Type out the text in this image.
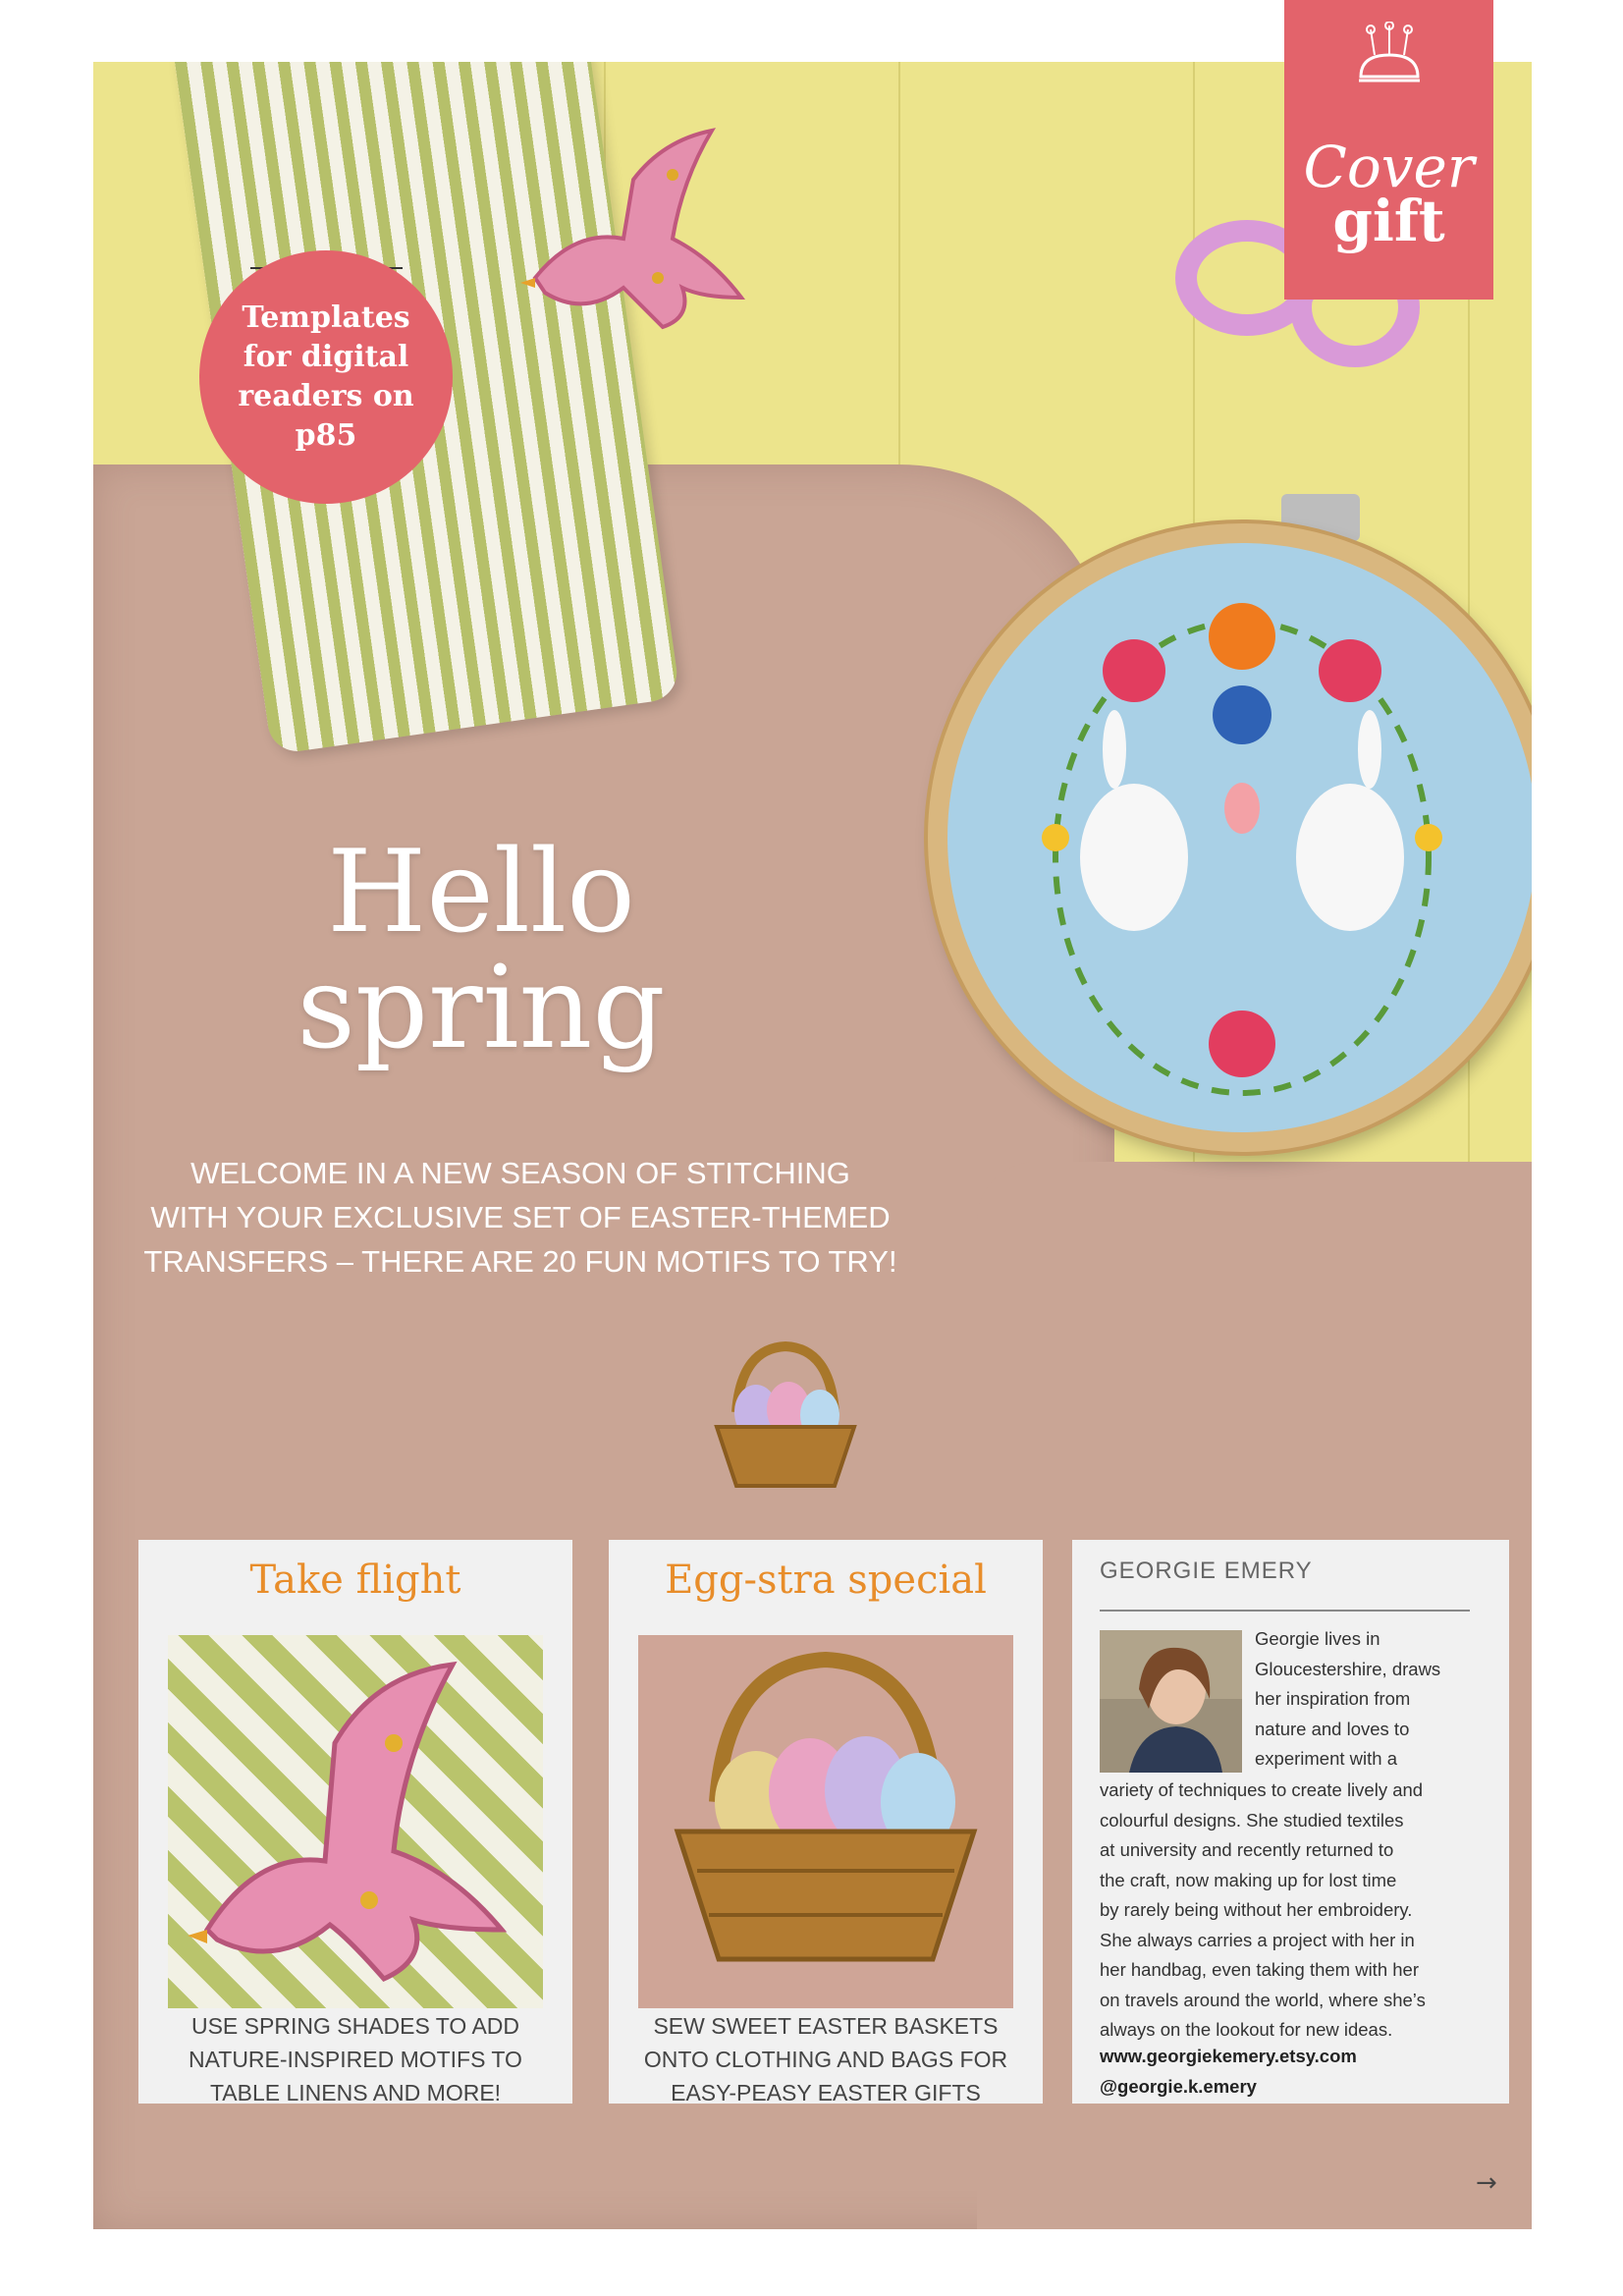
Cover
gift
Templates for digital readers on p85
Hello
spring
WELCOME IN A NEW SEASON OF STITCHING
WITH YOUR EXCLUSIVE SET OF EASTER-THEMED
TRANSFERS – THERE ARE 20 FUN MOTIFS TO TRY!
Take flight
USE SPRING SHADES TO ADD
NATURE-INSPIRED MOTIFS TO
TABLE LINENS AND MORE!
Egg-stra special
SEW SWEET EASTER BASKETS
ONTO CLOTHING AND BAGS FOR
EASY-PEASY EASTER GIFTS
GEORGIE EMERY
Georgie lives in
Gloucestershire, draws
her inspiration from
nature and loves to
experiment with a
variety of techniques to create lively and
colourful designs. She studied textiles
at university and recently returned to
the craft, now making up for lost time
by rarely being without her embroidery.
She always carries a project with her in
her handbag, even taking them with her
on travels around the world, where she’s
always on the lookout for new ideas.
www.georgiekemery.etsy.com
@georgie.k.emery
→
